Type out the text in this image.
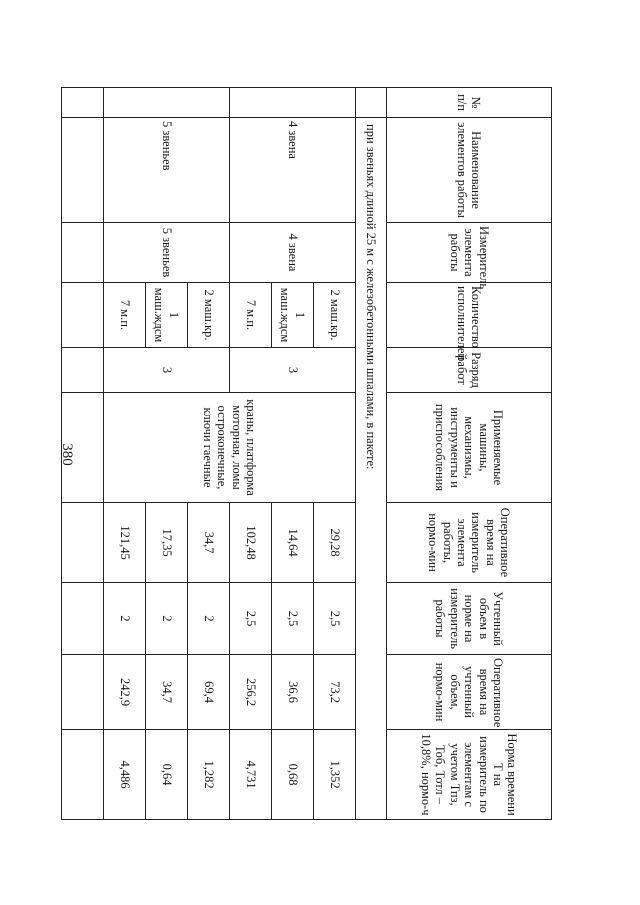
380
№ п/п	Наименование элементов работы	Измеритель элемента работы	Количество исполнителей	Разряд работ	Применяемые машины, механизмы, инструменты и приспособления	Оперативное время на измеритель элемента работы, нормо-мин	Учтенный объем в норме на измеритель работы	Оперативное время на учтенный объем, нормо-мин	Норма времени Т на измеритель по элементам с учетом Тпз, Тоб, Тотл – 10,8%, нормо-ч
	при звеньях длиной 25 м с железобетонными шпалами, в пакете:								
	4 звена	4 звена	2 маш.кр.	3	краны, платформа моторная, ломы остроконечные, ключи гаечные	29,28	2,5	73,2	1,352
			1 маш.ждсм			14,64	2,5	36,6	0,68
			7 м.п.			102,48	2,5	256,2	4,731
	5 звеньев	5 звеньев	2 маш.кр.	3		34,7	2	69,4	1,282
			1 маш.ждсм			17,35	2	34,7	0,64
			7 м.п.			121,45	2	242,9	4,486
